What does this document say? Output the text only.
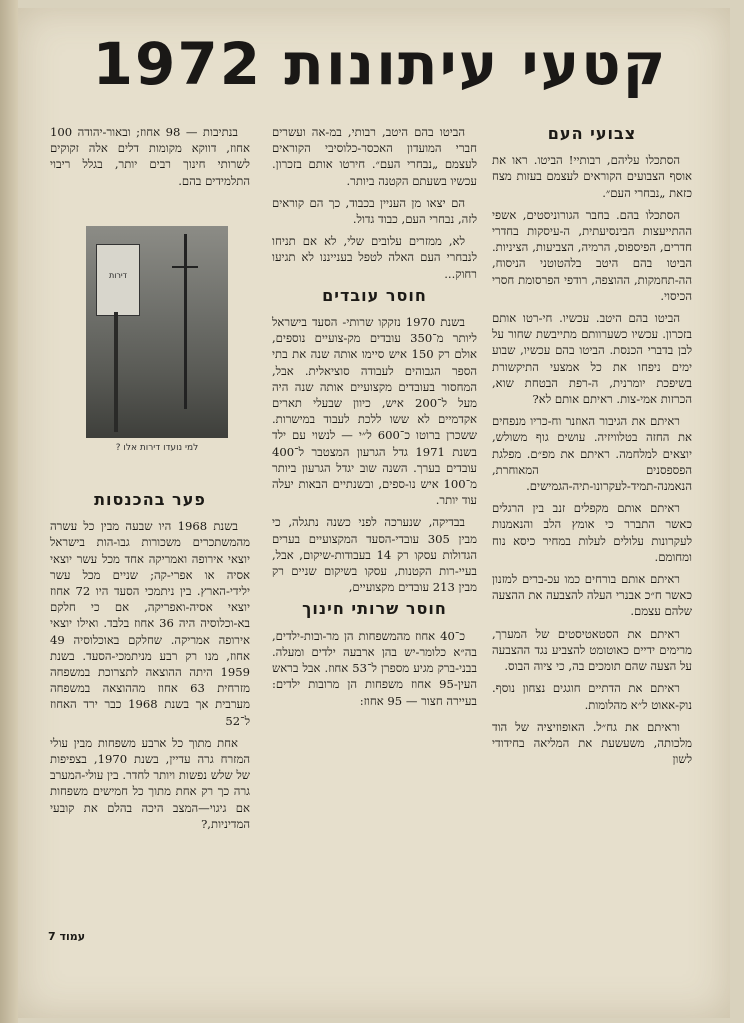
קטעי עיתונות 1972
צבועי העם

הסתכלו עליהם, רבותיי! הביטו. ראו את אוסף הצבועים הקוראים לעצמם בעזות מצח כזאת „נבחרי העם״.

הסתכלו בהם. בחבר הגורוניסטים, אשפי ההתייעצות הבינסיעתית, ה-עיסקות בחדרי חדרים, הפיספוס, הרמיה, הצביעות, הציניות. הביטו בהם היטב בלהטוטני הניסוח, הה-תחמקות, ההוצפה, רודפי הפרסומת חסרי הכיסוי.

הביטו בהם היטב. עכשיו. חי-רטו אותם בזכרון. עכשיו כשערוותם מתייבשת שחור על לבן בדברי הכנסת. הביטו בהם עכשיו, שבוע ימים ניפחו את כל אמצעי התיקשורת בשיפכת יומרנית, ה-רפת הבטחת שוא, הכרזות אמי-צות. ראיתם אותם לא?

ראיתם את הגיבור האוזנר וח-כריו מנפחים את החזה בטלוויזיה. עושים גוף משולש, יוצאים למלחמה. ראיתם את מפ״ם. מפלגת הפספסנים המאוחרת, הנאמנה-תמיד-לעקרונו-תיה-הגמישים.

ראיתם אותם מקפלים זנב בין הרגלים כאשר התברר כי אומץ הלב והנאמנות לעקרונות עלולים לעלות במחיר כיסא נוח ומחומם.

ראיתם אותם בורחים כמו עכ-ברים למזנון כאשר ח״כ אבנרי העלה להצבעה את ההצעה שלהם עצמם.

ראיתם את הסטאטיסטים של המערך, מרימים ידיים כאוטומט להצביע נגד ההצבעה על הצעה שהם תומכים בה, כי ציוה הבוס.

ראיתם את הדתיים חוגגים נצחון נוסף. נוק-אאוט ל״א מהלומות.

וראיתם את גח״ל. האופוזיציה של הוד מלכותה, משעשעת את המליאה בחידודי לשון

הביטו בהם היטב, רבותי, במ-אה ועשרים חברי המועדון האכסר-כלוסיבי הקוראים לעצמם „נבחרי העם״. חירטו אותם בזכרון. עכשיו בשעתם הקטנה ביותר.

הם יצאו מן העניין בכבוד, כך הם קוראים לזה, נבחרי העם, כבוד גדול.

לא, ממזרים עלובים שלי, לא אם תניחו לנבחרי העם האלה לטפל בענייננו לא תגיעו רחוק...

חוסר עובדים

בשנת 1970 נזקקו שרותי- הסעד בישראל ליותר מ־350 עובדים מק-צועיים נוספים, אולם רק 150 איש סיימו אותה שנה את בתי הספר הגבוהים לעבודה סוציאלית. אבל, המחסור בעובדים מקצועיים אותה שנה היה מעל ל־200 איש, כיוון שבעלי תארים אקדמיים לא ששו ללכת לעבוד במישרות. ששכרן ברוטו כ־600 ל״י — לנשוי עם ילד בשנת 1971 גדל הגרעון המצטבר ל־400 עובדים בערך. השנה שוב יגדל הגרעון ביותר מ־100 איש נו-ספים, ובשנתיים הבאות יעלה עוד יותר.

בבדיקה, שנערכה לפני כשנה נתגלה, כי מבין 305 עובדי-הסעד המקצועיים בערים הגדולות עסקו רק 14 בעבודות-שיקום, אבל, בעיי-רות הקטנות, עסקו בשיקום שניים רק מבין 213 עובדים מקצועיים,

חוסר שרותי חינוך

כ־40 אחוז מהמשפחות הן מר-ובות-ילדים, בה״א כלומר-יש בהן ארבעה ילדים ומעלה. בבני-ברק מגיע מספרן ל־53 אחוז. אבל בראש העין-95 אחוז משפחות הן מרובות ילדים: בעיירה חצור — 95 אחוז:

בנתיבות — 98 אחוז; ובאור-יהודה 100 אחוז, דווקא מקומות דלים אלה זקוקים לשרותי חינוך רבים יותר, בגלל ריבוי התלמידים בהם.

דירות
למי נועדו דירות אלו ?
פער בהכנסות

בשנת 1968 היו שבעה מבין כל עשרה מהמשתכרים משכורות גבו-הות בישראל יוצאי אירופה ואמריקה אחד מכל עשר יוצאי אסיה או אפרי-קה; שניים מכל עשר ילידי-הארץ. בין ניתמכי הסעד היו 72 אחוז יוצאי אסיה-ואפריקה, אם כי חלקם בא-וכלוסיה היה 36 אחוז בלבד. ואילו יוצאי אירופה אמריקה. שחלקם באוכלוסיה 49 אחוז, מנו רק רבע מניתמכי-הסעד. בשנת 1959 היתה ההוצאה לתצרוכת במשפחה מזרחית 63 אחוז מההוצאה במשפחה מערבית אך בשנת 1968 כבר ירד האחוז ל־52

אחת מתוך כל ארבע משפחות מבין עולי המזרח גרה עדיין, בשנת 1970, בצפיפות של שלש נפשות ויותר לחדר. בין עולי-המערב גרה כך רק אחת מתוך כל חמישים משפחות אם גיגוי—המצב היכה בהלם את קובעי המדיניות,?

עמוד 7
